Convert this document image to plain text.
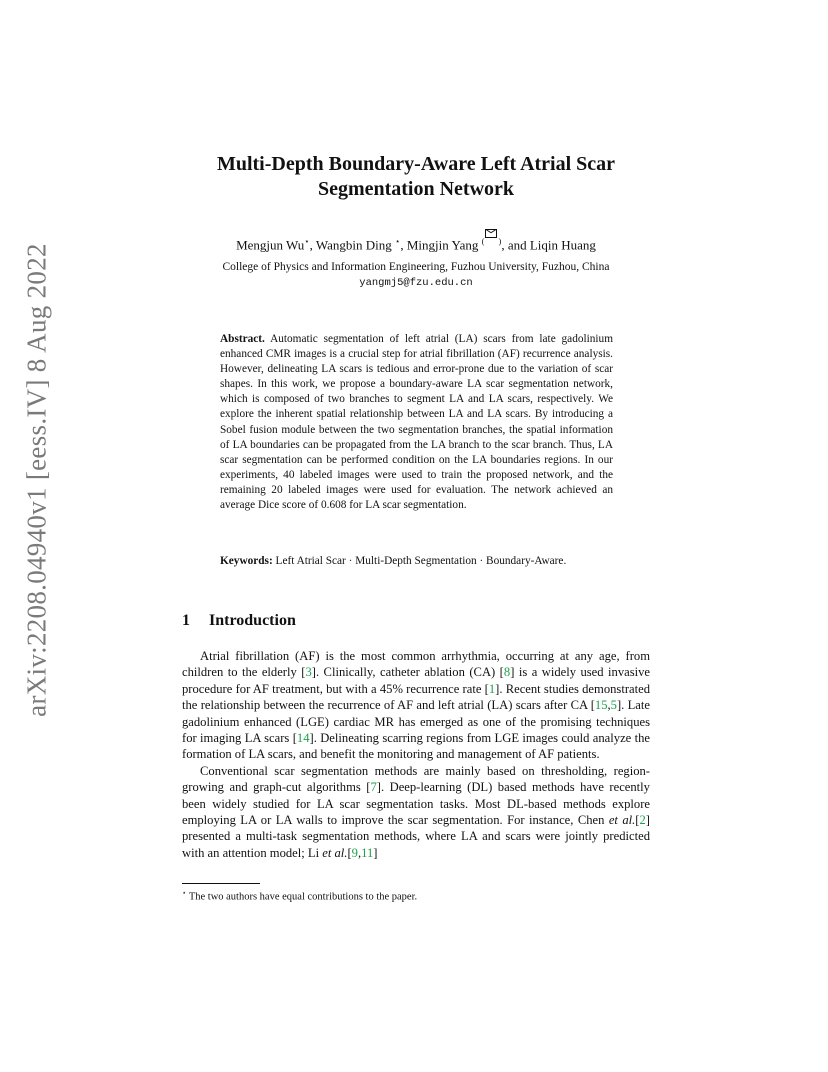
arXiv:2208.04940v1 [eess.IV] 8 Aug 2022
Multi-Depth Boundary-Aware Left Atrial Scar
Segmentation Network
Mengjun Wu⋆, Wangbin Ding ⋆, Mingjin Yang ( ), and Liqin Huang
College of Physics and Information Engineering, Fuzhou University, Fuzhou, China
yangmj5@fzu.edu.cn
Abstract. Automatic segmentation of left atrial (LA) scars from late gadolinium enhanced CMR images is a crucial step for atrial fibrillation (AF) recurrence analysis. However, delineating LA scars is tedious and error-prone due to the variation of scar shapes. In this work, we propose a boundary-aware LA scar segmentation network, which is composed of two branches to segment LA and LA scars, respectively. We explore the inherent spatial relationship between LA and LA scars. By introducing a Sobel fusion module between the two segmentation branches, the spatial information of LA boundaries can be propagated from the LA branch to the scar branch. Thus, LA scar segmentation can be performed condition on the LA boundaries regions. In our experiments, 40 labeled images were used to train the proposed network, and the remaining 20 labeled images were used for evaluation. The network achieved an average Dice score of 0.608 for LA scar segmentation.
Keywords: Left Atrial Scar · Multi-Depth Segmentation · Boundary-Aware.
1 Introduction

Atrial fibrillation (AF) is the most common arrhythmia, occurring at any age, from children to the elderly [3]. Clinically, catheter ablation (CA) [8] is a widely used invasive procedure for AF treatment, but with a 45% recurrence rate [1]. Recent studies demonstrated the relationship between the recurrence of AF and left atrial (LA) scars after CA [15,5]. Late gadolinium enhanced (LGE) cardiac MR has emerged as one of the promising techniques for imaging LA scars [14]. Delineating scarring regions from LGE images could analyze the formation of LA scars, and benefit the monitoring and management of AF patients.

Conventional scar segmentation methods are mainly based on thresholding, region-growing and graph-cut algorithms [7]. Deep-learning (DL) based methods have recently been widely studied for LA scar segmentation tasks. Most DL-based methods explore employing LA or LA walls to improve the scar segmentation. For instance, Chen et al.[2] presented a multi-task segmentation methods, where LA and scars were jointly predicted with an attention model; Li et al.[9,11]

⋆ The two authors have equal contributions to the paper.
